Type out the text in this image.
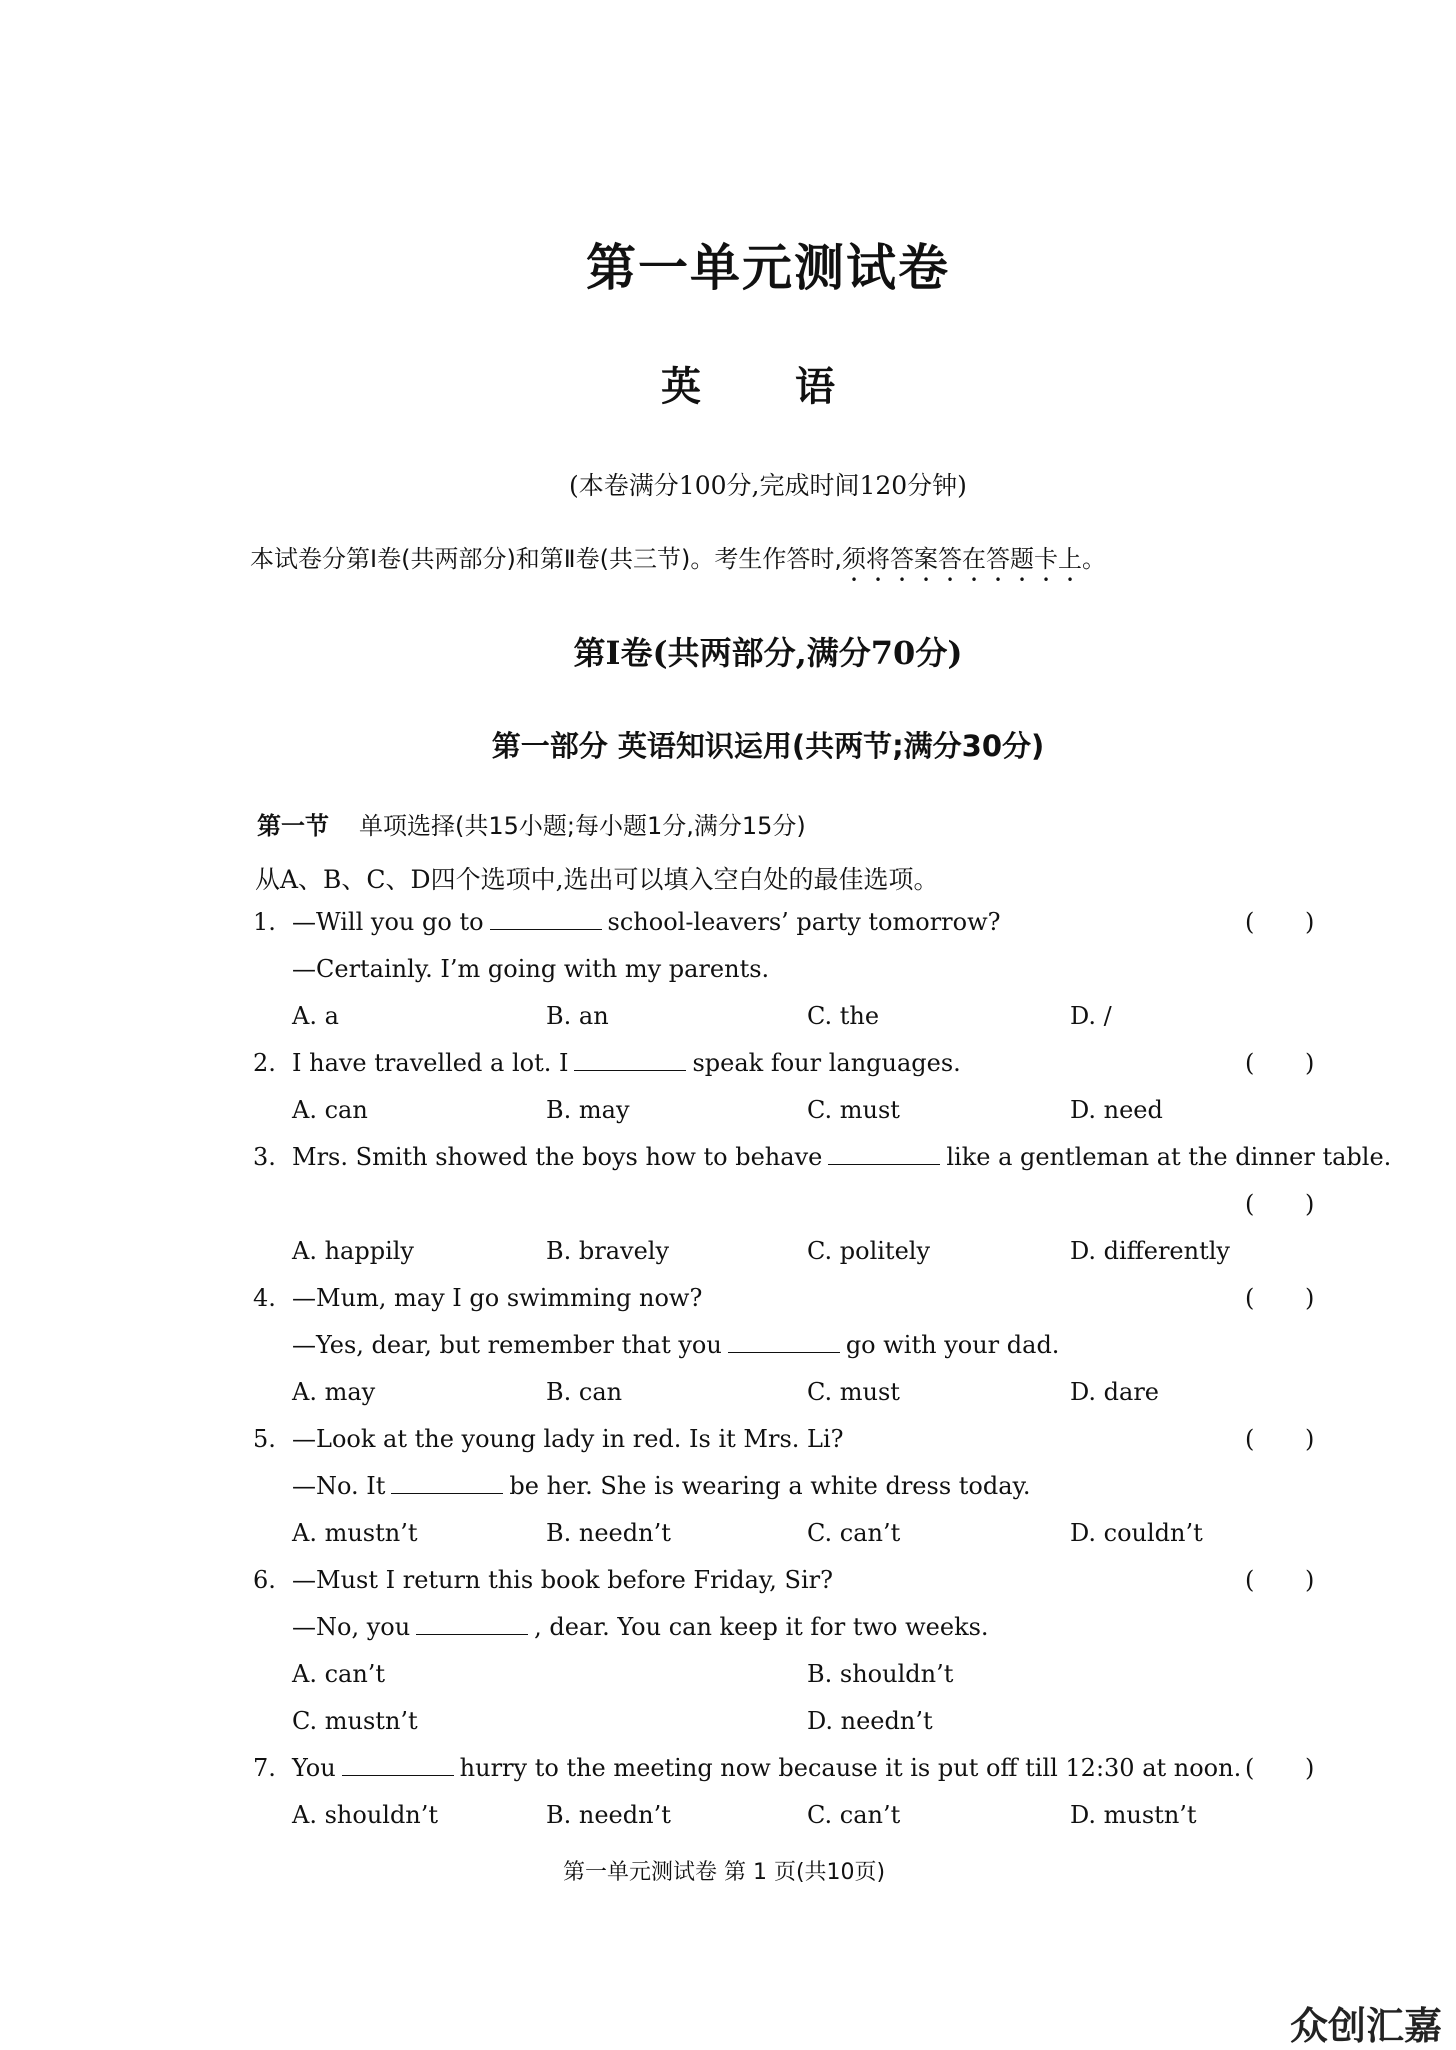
第一单元测试卷
英 语
(本卷满分100分,完成时间120分钟)
本试卷分第Ⅰ卷(共两部分)和第Ⅱ卷(共三节)。考生作答时,须将答案答在答题卡上。
第Ⅰ卷(共两部分,满分70分)
第一部分 英语知识运用(共两节;满分30分)
第一节 单项选择(共15小题;每小题1分,满分15分)
从A、B、C、D四个选项中,选出可以填入空白处的最佳选项。
1. —Will you go to	school-leavers’ party tomorrow?	( )
—Certainly. I’m going with my parents.
A. a	B. an	C. the	D. /
2. I have travelled a lot. I	speak four languages.	( )
A. can	B. may	C. must	D. need
3. Mrs. Smith showed the boys how to behave	like a gentleman at the dinner table.
( )
A. happily	B. bravely	C. politely	D. differently
4. —Mum, may I go swimming now?	( )
—Yes, dear, but remember that you	go with your dad.
A. may	B. can	C. must	D. dare
5. —Look at the young lady in red. Is it Mrs. Li?	( )
—No. It	be her. She is wearing a white dress today.
A. mustn’t	B. needn’t	C. can’t	D. couldn’t
6. —Must I return this book before Friday, Sir?	( )
—No, you	, dear. You can keep it for two weeks.
A. can’t	B. shouldn’t
C. mustn’t	D. needn’t
7. You	hurry to the meeting now because it is put off till 12:30 at noon. ( )
A. shouldn’t	B. needn’t	C. can’t	D. mustn’t
第一单元测试卷 第 1 页(共10页)
众创汇嘉
